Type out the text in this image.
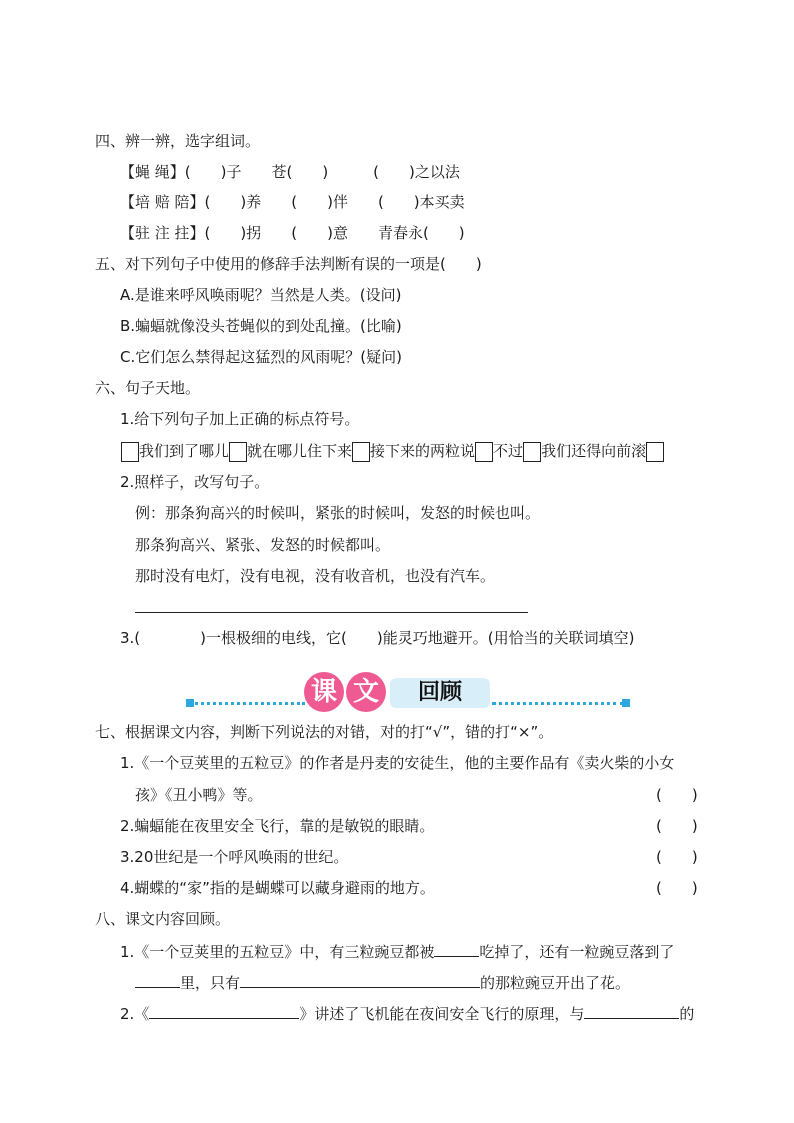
四、辨一辨，选字组词。
【蝇 绳】(　　)子　　苍(　　)　　　(　　)之以法
【培 赔 陪】(　　)养　　(　　)伴　　(　　)本买卖
【驻 注 拄】(　　)拐　　(　　)意　　青春永(　　)
五、对下列句子中使用的修辞手法判断有误的一项是(　　)
A.是谁来呼风唤雨呢？当然是人类。(设问)
B.蝙蝠就像没头苍蝇似的到处乱撞。(比喻)
C.它们怎么禁得起这猛烈的风雨呢？(疑问)
六、句子天地。
1.给下列句子加上正确的标点符号。
我们到了哪儿 就在哪儿住下来 接下来的两粒说 不过 我们还得向前滚
2.照样子，改写句子。
例：那条狗高兴的时候叫，紧张的时候叫，发怒的时候也叫。
那条狗高兴、紧张、发怒的时候都叫。
那时没有电灯，没有电视，没有收音机，也没有汽车。
3.(　　　　)一根极细的电线，它(　　)能灵巧地避开。(用恰当的关联词填空)
课 文	回顾
七、根据课文内容，判断下列说法的对错，对的打“√”，错的打“×”。
1.《一个豆荚里的五粒豆》的作者是丹麦的安徒生，他的主要作品有《卖火柴的小女
孩》《丑小鸭》等。	(　　)
2.蝙蝠能在夜里安全飞行，靠的是敏锐的眼睛。	(　　)
3.20世纪是一个呼风唤雨的世纪。	(　　)
4.蝴蝶的“家”指的是蝴蝶可以藏身避雨的地方。	(　　)
八、课文内容回顾。
1.《一个豆荚里的五粒豆》中，有三粒豌豆都被	吃掉了，还有一粒豌豆落到了
里，只有	的那粒豌豆开出了花。
2.《	》讲述了飞机能在夜间安全飞行的原理，与	的
